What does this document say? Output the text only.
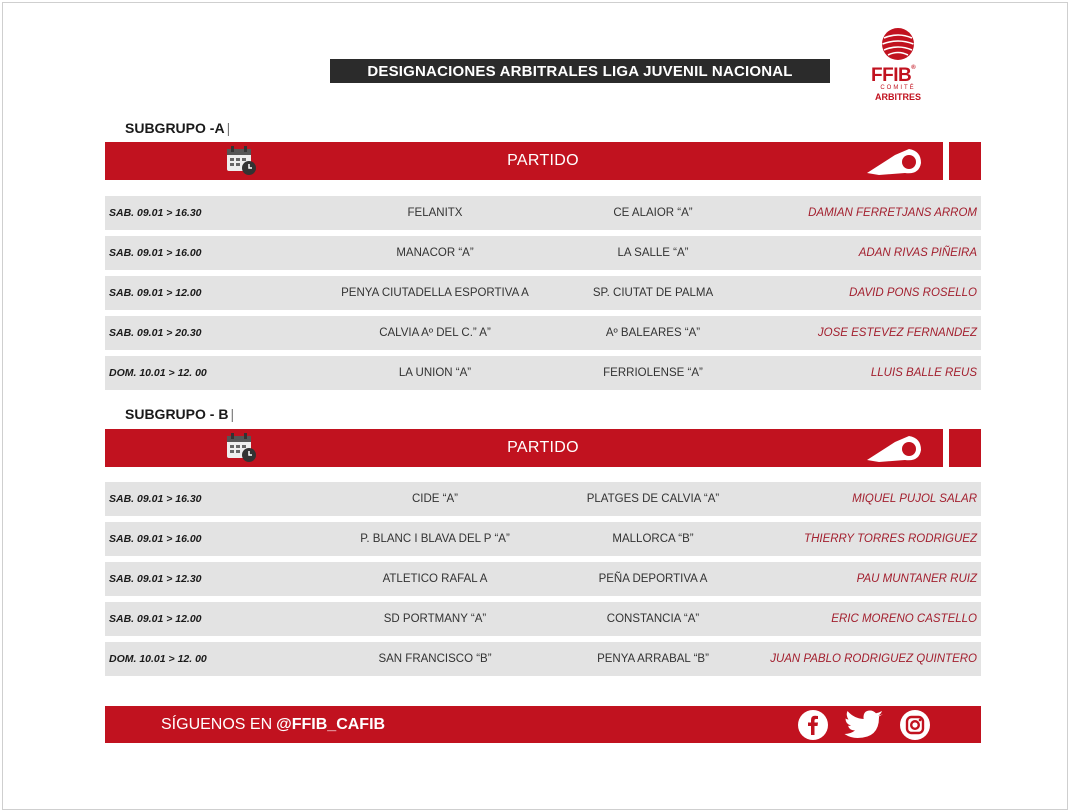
DESIGNACIONES ARBITRALES LIGA JUVENIL NACIONAL	FFIB®
COMITÉ
ARBITRES
SUBGRUPO -A |
PARTIDO
SAB. 09.01 > 16.30	FELANITX	CE ALAIOR “A”	DAMIAN FERRETJANS ARROM
SAB. 09.01 > 16.00	MANACOR “A”	LA SALLE “A”	ADAN RIVAS PIÑEIRA
SAB. 09.01 > 12.00	PENYA CIUTADELLA ESPORTIVA A	SP. CIUTAT DE PALMA	DAVID PONS ROSELLO
SAB. 09.01 > 20.30	CALVIA Aº DEL C.” A”	Aº BALEARES “A”	JOSE ESTEVEZ FERNANDEZ
DOM. 10.01 > 12. 00	LA UNION “A”	FERRIOLENSE “A”	LLUIS BALLE REUS
SUBGRUPO - B |
PARTIDO
SAB. 09.01 > 16.30	CIDE “A”	PLATGES DE CALVIA “A”	MIQUEL PUJOL SALAR
SAB. 09.01 > 16.00	P. BLANC I BLAVA DEL P “A”	MALLORCA “B”	THIERRY TORRES RODRIGUEZ
SAB. 09.01 > 12.30	ATLETICO RAFAL A	PEÑA DEPORTIVA A	PAU MUNTANER RUIZ
SAB. 09.01 > 12.00	SD PORTMANY “A”	CONSTANCIA “A”	ERIC MORENO CASTELLO
DOM. 10.01 > 12. 00	SAN FRANCISCO “B”	PENYA ARRABAL “B”	JUAN PABLO RODRIGUEZ QUINTERO
SÍGUENOS EN @FFIB_CAFIB
